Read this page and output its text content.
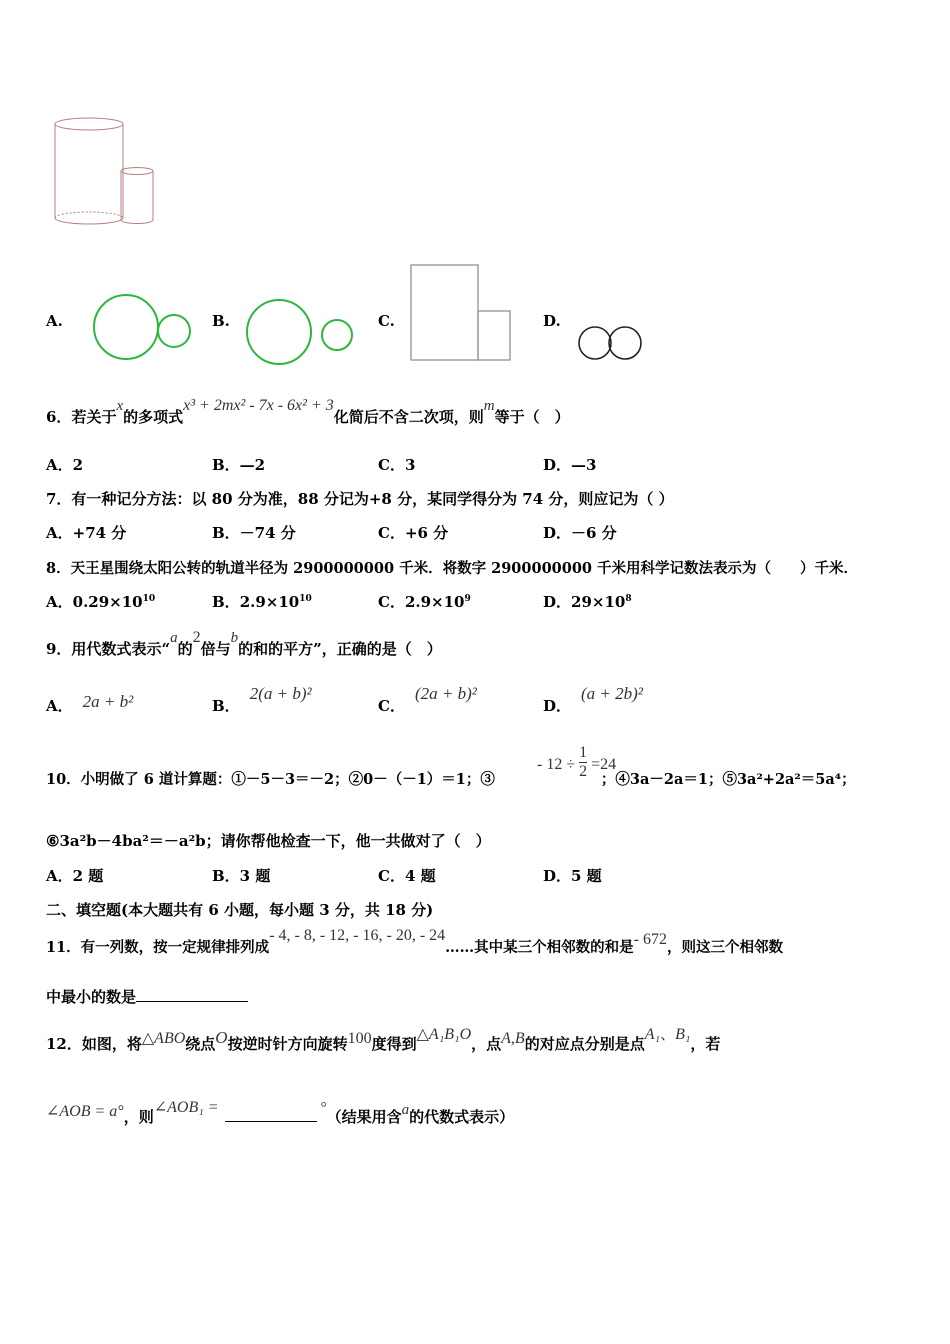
A.	B.	C.	D.
6．若关于x的多项式x³ + 2mx² - 7x - 6x² + 3化简后不含二次项，则m等于（　）
A．2	B．—2	C．3	D．—3
7．有一种记分方法：以 80 分为准，88 分记为+8 分，某同学得分为 74 分，则应记为（ ）
A．+74 分	B．－74 分	C．+6 分	D．－6 分
8．天王星围绕太阳公转的轨道半径为 2900000000 千米．将数字 2900000000 千米用科学记数法表示为（　　）千米．
A．$0.29\times 10^{10}$	B．$2.9\times 10^{10}$	C．$2.9\times 10^9$	D．$29\times 10^8$
9．用代数式表示“a的2倍与b的和的平方”，正确的是（　）
A． 2a + b²	B．2(a + b)²
C．(2a + b)²
D．(a + 2b)²
10．小明做了 6 道计算题：①－5－3＝－2；②0－（－1）＝1；③	；④3a－2a＝1；⑤3a²+2a²＝5a⁴；
- $12 \div \frac{1}{2} =24$
⑥3a²b－4ba²＝－a²b；请你帮他检查一下，他一共做对了（　）
A．2 题	B．3 题	C．4 题	D．5 题
二、填空题(本大题共有 6 小题，每小题 3 分，共 18 分)
11．有一列数，按一定规律排列成- 4, - 8, - 12, - 16, - 20, - 24……其中某三个相邻数的和是- 672，则这三个相邻数
中最小的数是
12．如图，将△ABO绕点O按逆时针方向旋转100度得到△A₁B₁O，点A,B的对应点分别是点A₁、B₁，若
∠AOB = a°，则∠AOB₁ =	°（结果用含a的代数式表示）
